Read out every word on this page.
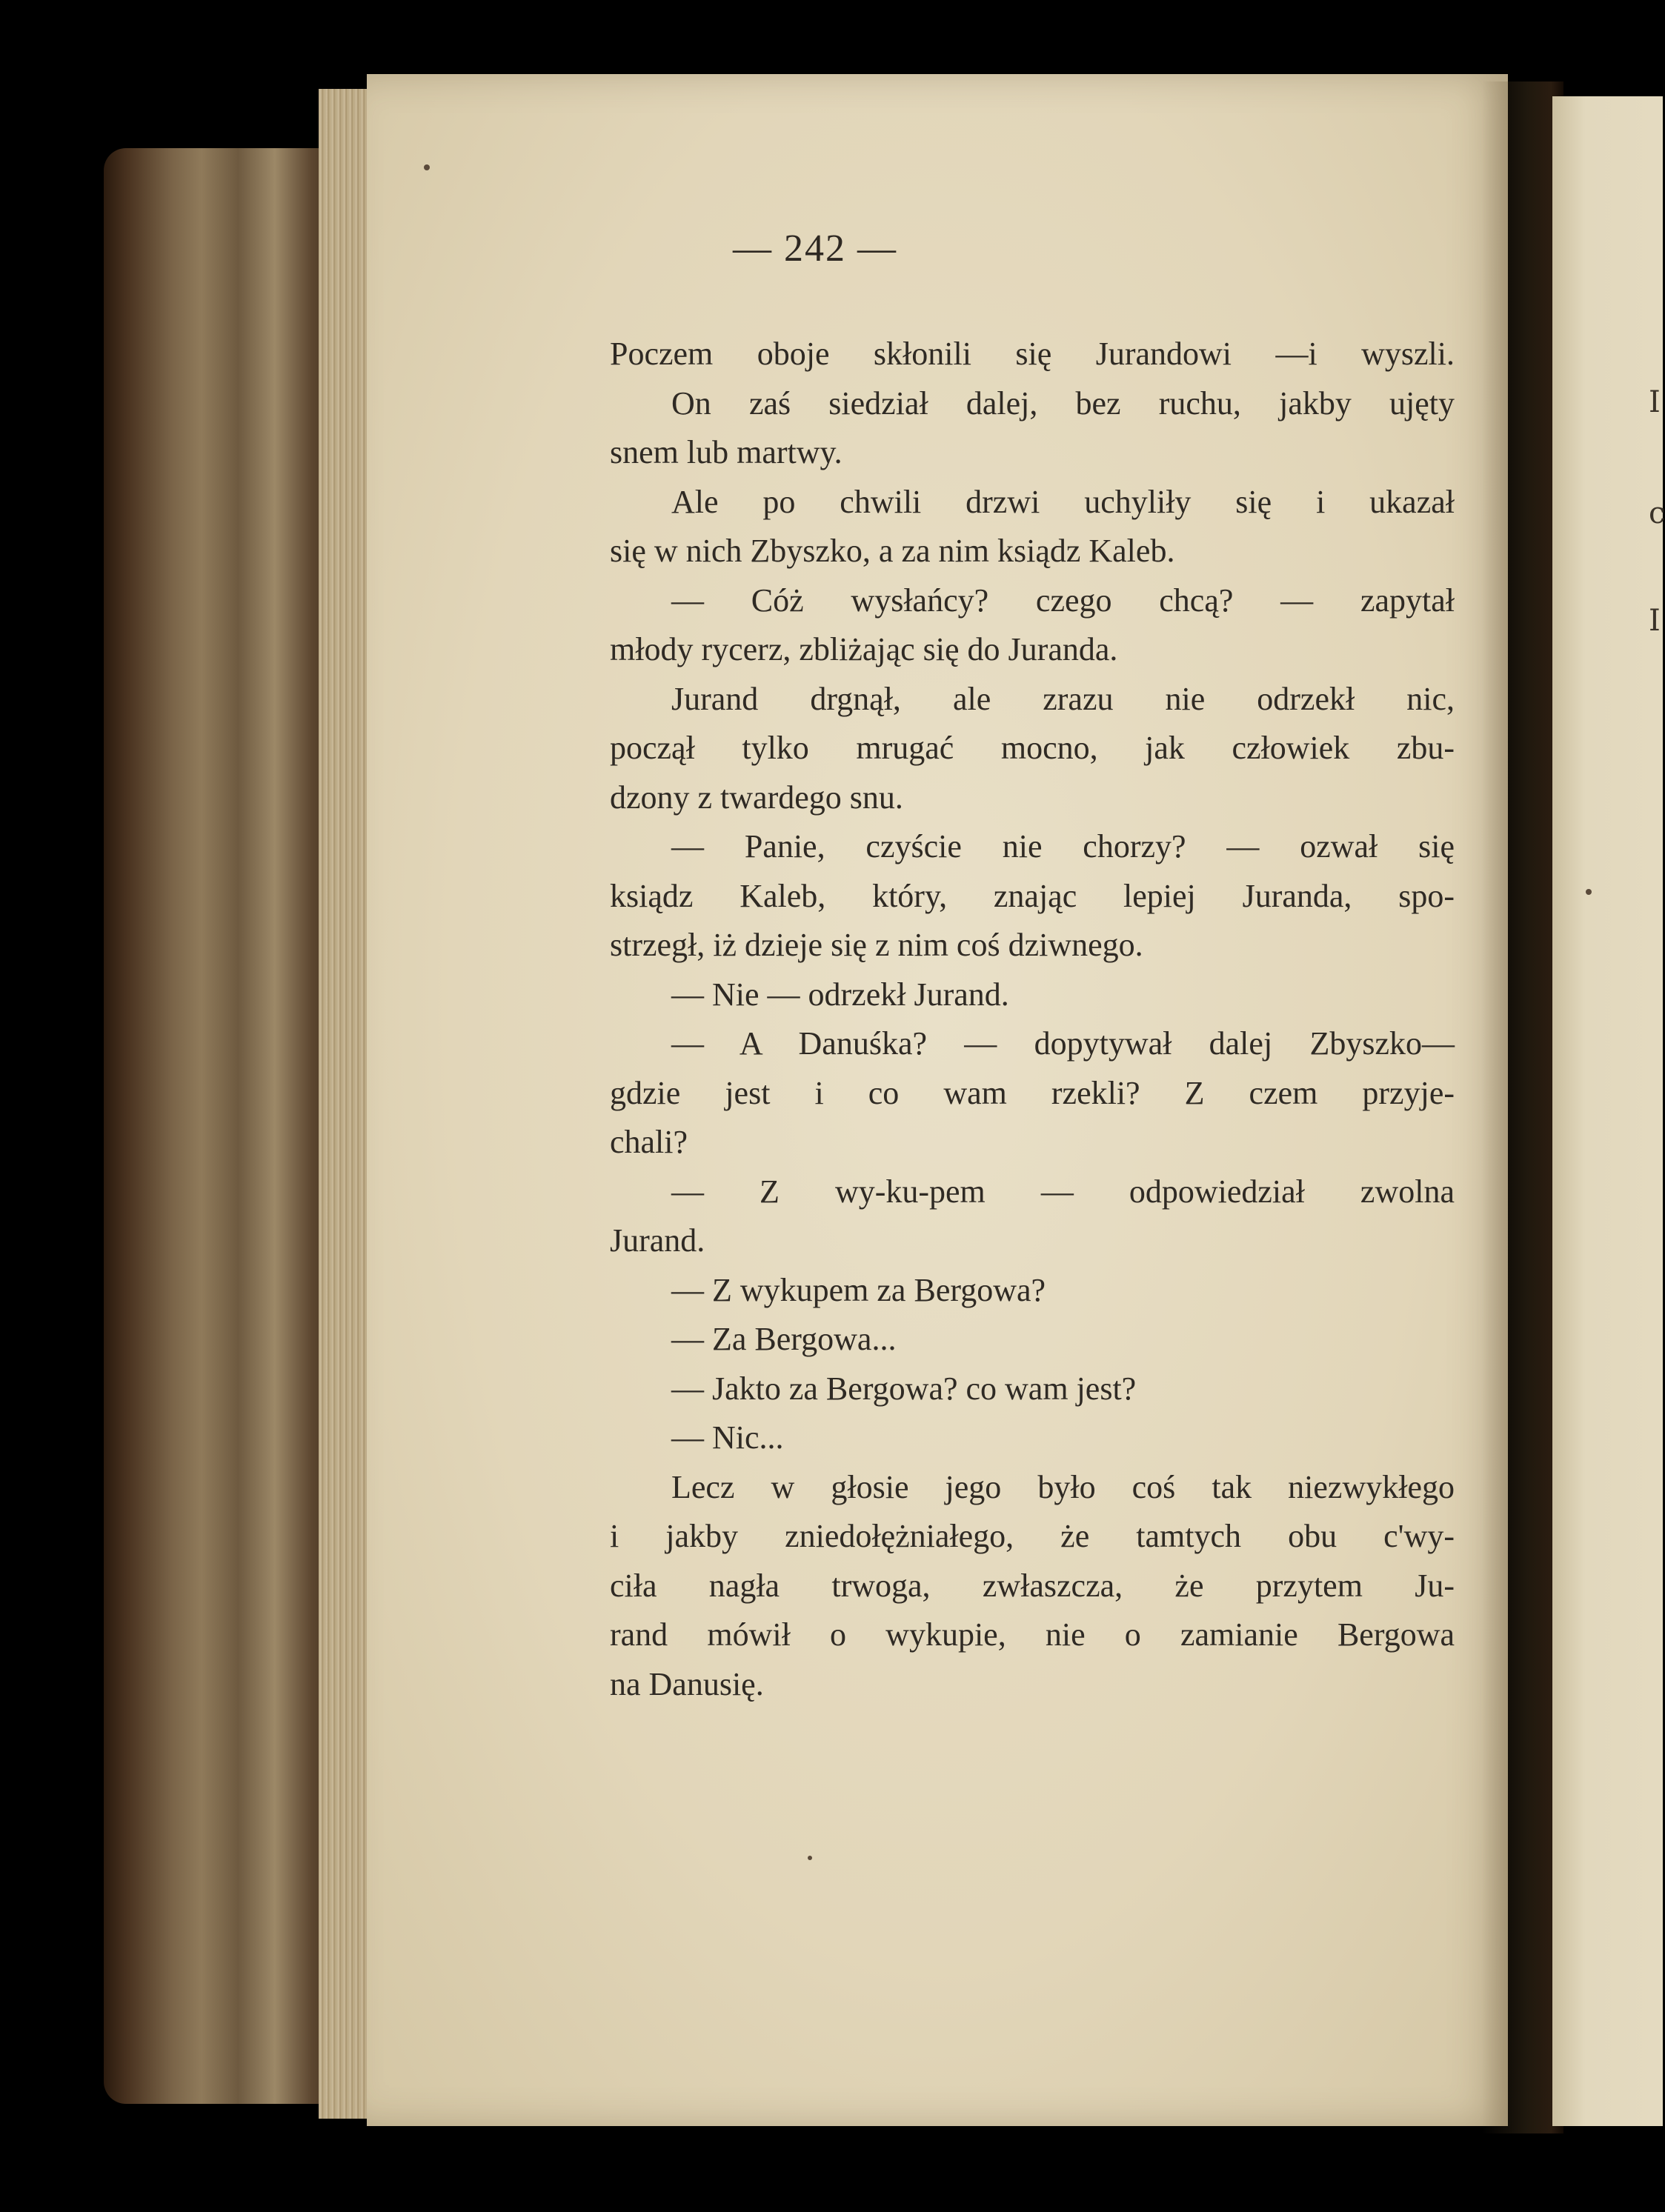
I
c
I
— 242 —
Poczem oboje skłonili się Jurandowi —i wyszli.
On zaś siedział dalej, bez ruchu, jakby ujęty
snem lub martwy.
Ale po chwili drzwi uchyliły się i ukazał
się w nich Zbyszko, a za nim ksiądz Kaleb.
— Cóż wysłańcy? czego chcą? — zapytał
młody rycerz, zbliżając się do Juranda.
Jurand drgnął, ale zrazu nie odrzekł nic,
począł tylko mrugać mocno, jak człowiek zbu-
dzony z twardego snu.
— Panie, czyście nie chorzy? — ozwał się
ksiądz Kaleb, który, znając lepiej Juranda, spo-
strzegł, iż dzieje się z nim coś dziwnego.
— Nie — odrzekł Jurand.
— A Danuśka? — dopytywał dalej Zbyszko—
gdzie jest i co wam rzekli? Z czem przyje-
chali?
— Z wy-ku-pem — odpowiedział zwolna
Jurand.
— Z wykupem za Bergowa?
— Za Bergowa...
— Jakto za Bergowa? co wam jest?
— Nic...
Lecz w głosie jego było coś tak niezwykłego
i jakby zniedołężniałego, że tamtych obu c'wy-
ciła nagła trwoga, zwłaszcza, że przytem Ju-
rand mówił o wykupie, nie o zamianie Bergowa
na Danusię.
